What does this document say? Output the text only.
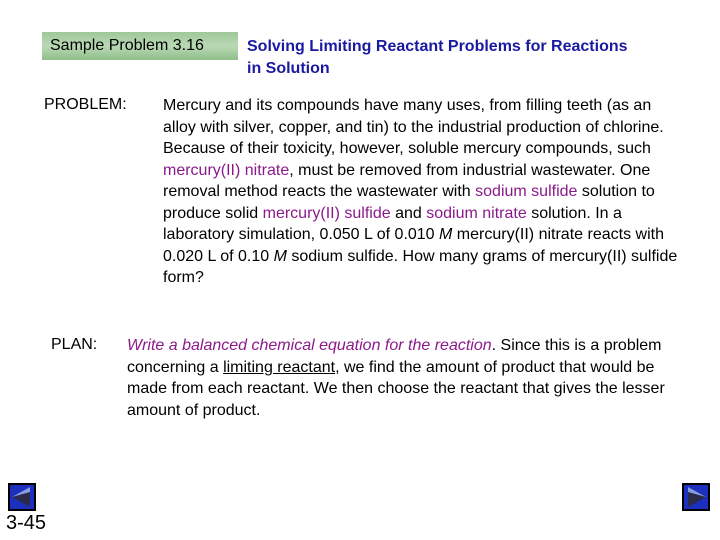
Sample Problem 3.16	Solving Limiting Reactant Problems for Reactions
in Solution
PROBLEM: Mercury and its compounds have many uses, from filling teeth (as an alloy with silver, copper, and tin) to the industrial production of chlorine. Because of their toxicity, however, soluble mercury compounds, such mercury(II) nitrate, must be removed from industrial wastewater. One removal method reacts the wastewater with sodium sulfide solution to produce solid mercury(II) sulfide and sodium nitrate solution. In a laboratory simulation, 0.050 L of 0.010 M mercury(II) nitrate reacts with 0.020 L of 0.10 M sodium sulfide. How many grams of mercury(II) sulfide form?
PLAN: Write a balanced chemical equation for the reaction. Since this is a problem concerning a limiting reactant, we find the amount of product that would be made from each reactant. We then choose the reactant that gives the lesser amount of product.
3-45
